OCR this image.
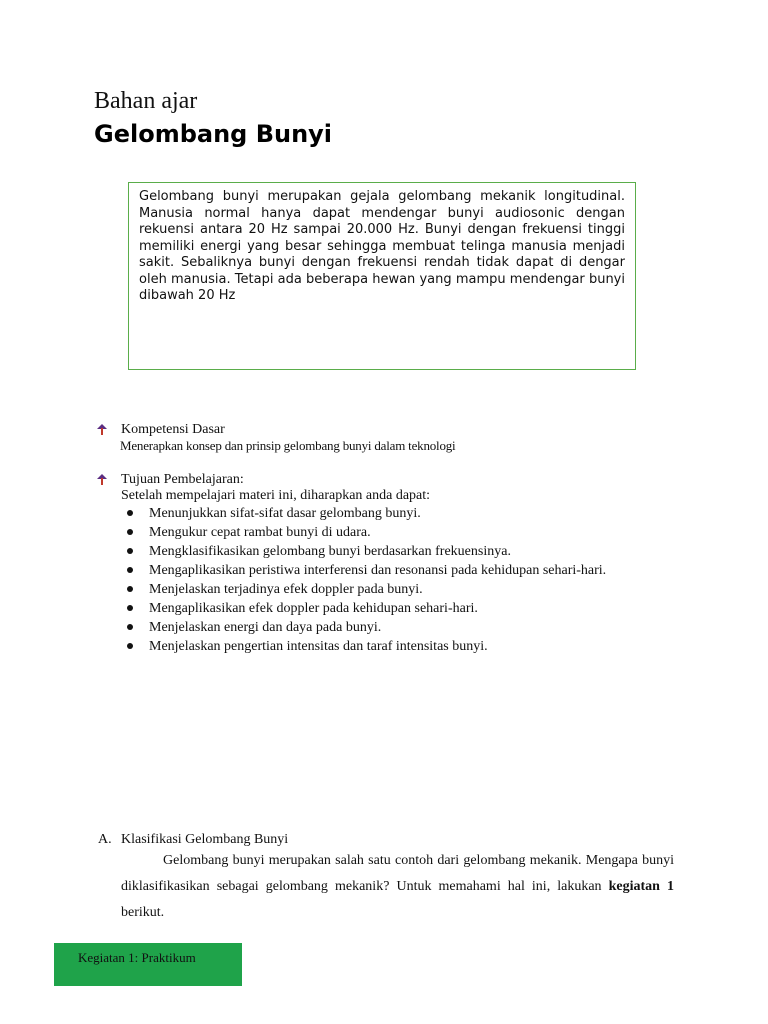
Bahan ajar
Gelombang Bunyi

Gelombang bunyi merupakan gejala gelombang mekanik longitudinal. Manusia normal hanya dapat mendengar bunyi audiosonic dengan rekuensi antara 20 Hz sampai 20.000 Hz. Bunyi dengan frekuensi tinggi memiliki energi yang besar sehingga membuat telinga manusia menjadi sakit. Sebaliknya bunyi dengan frekuensi rendah tidak dapat di dengar oleh manusia. Tetapi ada beberapa hewan yang mampu mendengar bunyi dibawah 20 Hz

Kompetensi Dasar
Menerapkan konsep dan prinsip gelombang bunyi dalam teknologi
Tujuan Pembelajaran:
Setelah mempelajari materi ini, diharapkan anda dapat:
Menunjukkan sifat-sifat dasar gelombang bunyi.
Mengukur cepat rambat bunyi di udara.
Mengklasifikasikan gelombang bunyi berdasarkan frekuensinya.
Mengaplikasikan peristiwa interferensi dan resonansi pada kehidupan sehari-hari.
Menjelaskan terjadinya efek doppler pada bunyi.
Mengaplikasikan efek doppler pada kehidupan sehari-hari.
Menjelaskan energi dan daya pada bunyi.
Menjelaskan pengertian intensitas dan taraf intensitas bunyi.
A. Klasifikasi Gelombang Bunyi

Gelombang bunyi merupakan salah satu contoh dari gelombang mekanik. Mengapa bunyi diklasifikasikan sebagai gelombang mekanik? Untuk memahami hal ini, lakukan kegiatan 1 berikut.

Kegiatan 1: Praktikum
